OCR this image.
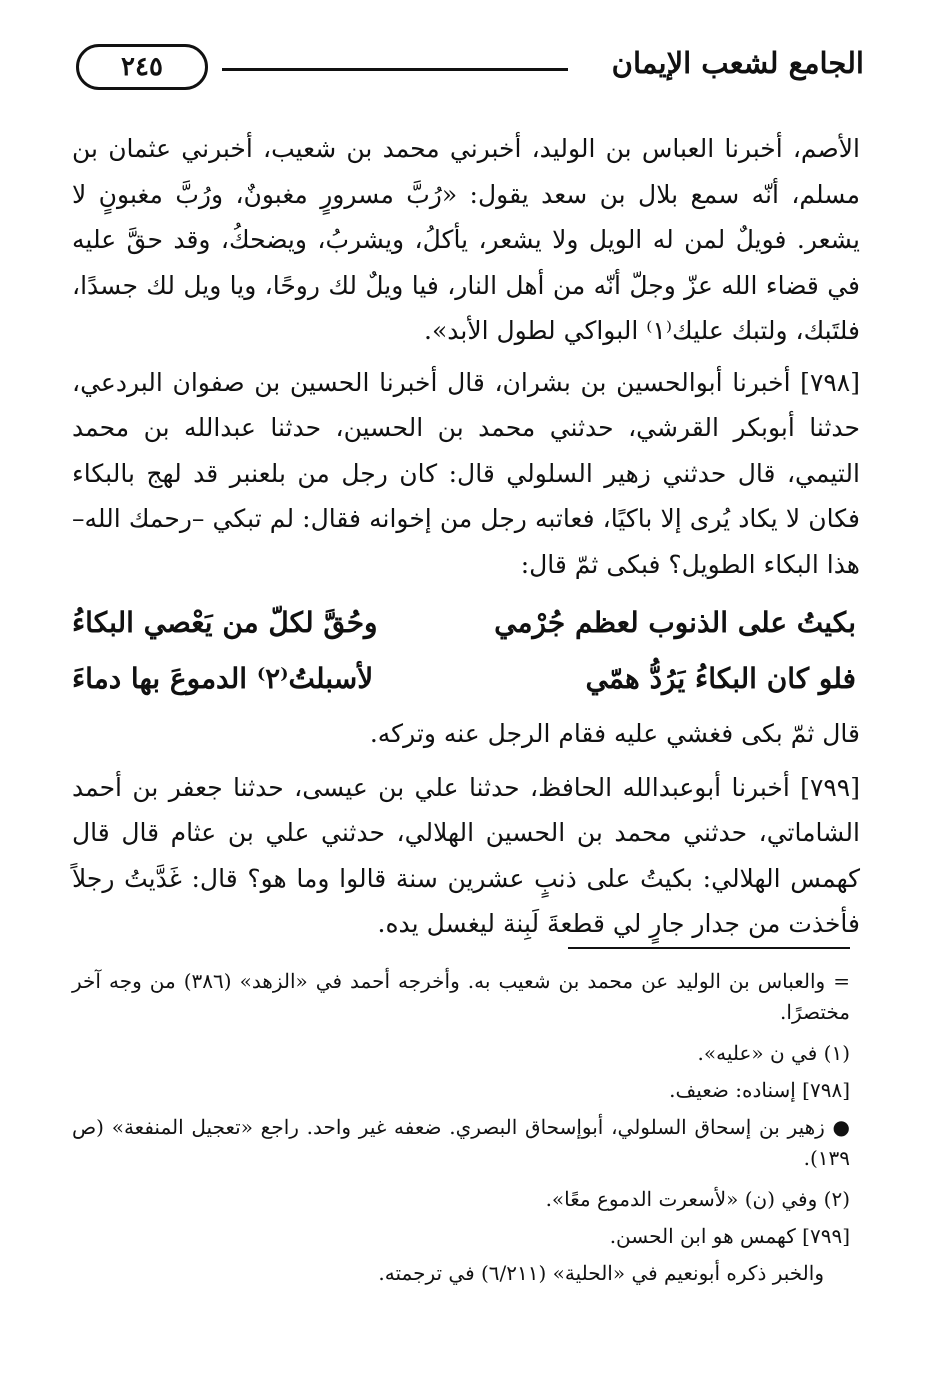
الجامع لشعب الإيمان
٢٤٥

الأصم، أخبرنا العباس بن الوليد، أخبرني محمد بن شعيب، أخبرني عثمان بن مسلم، أنّه سمع بلال بن سعد يقول: «رُبَّ مسرورٍ مغبونٌ، ورُبَّ مغبونٍ لا يشعر. فويلٌ لمن له الويل ولا يشعر، يأكلُ، ويشربُ، ويضحكُ، وقد حقَّ عليه في قضاء الله عزّ وجلّ أنّه من أهل النار، فيا ويلٌ لك روحًا، ويا ويل لك جسدًا، فلتَبك، ولتبك عليك⁽١⁾ البواكي لطول الأبد».

[٧٩٨] أخبرنا أبوالحسين بن بشران، قال أخبرنا الحسين بن صفوان البردعي، حدثنا أبوبكر القرشي، حدثني محمد بن الحسين، حدثنا عبدالله بن محمد التيمي، قال حدثني زهير السلولي قال: كان رجل من بلعنبر قد لهج بالبكاء فكان لا يكاد يُرى إلا باكيًا، فعاتبه رجل من إخوانه فقال: لم تبكي –رحمك الله– هذا البكاء الطويل؟ فبكى ثمّ قال:

بكيتُ على الذنوب لعظم جُرْمي
وحُقَّ لكلّ من يَعْصي البكاءُ
فلو كان البكاءُ يَرُدُّ همّي
لأسبلتُ⁽٢⁾ الدموعَ بها دماءَ

قال ثمّ بكى فغشي عليه فقام الرجل عنه وتركه.

[٧٩٩] أخبرنا أبوعبدالله الحافظ، حدثنا علي بن عيسى، حدثنا جعفر بن أحمد الشاماتي، حدثني محمد بن الحسين الهلالي، حدثني علي بن عثام قال قال كهمس الهلالي: بكيتُ على ذنبٍ عشرين سنة قالوا وما هو؟ قال: غَدَّيتُ رجلاً فأخذت من جدار جارٍ لي قطعةَ لَبِنة ليغسل يده.

= والعباس بن الوليد عن محمد بن شعيب به. وأخرجه أحمد في «الزهد» (٣٨٦) من وجه آخر مختصرًا.

(١) في ن «عليه».

[٧٩٨] إسناده: ضعيف.

● زهير بن إسحاق السلولي، أبوإسحاق البصري. ضعفه غير واحد. راجع «تعجيل المنفعة» (ص ١٣٩).

(٢) وفي (ن) «لأسعرت الدموع معًا».

[٧٩٩] كهمس هو ابن الحسن.

والخبر ذكره أبونعيم في «الحلية» (٦/٢١١) في ترجمته.
